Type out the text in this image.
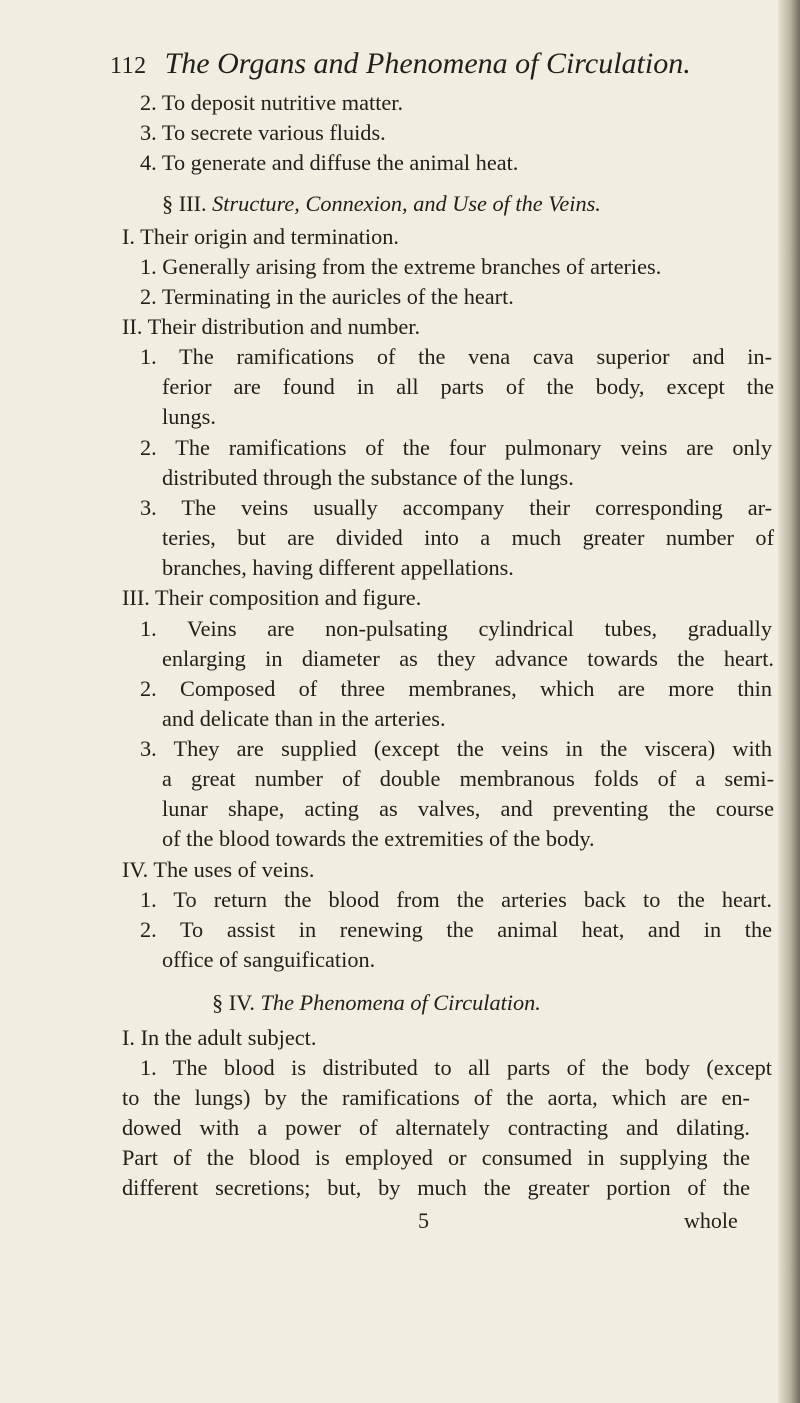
112 The Organs and Phenomena of Circulation.
2. To deposit nutritive matter.
3. To secrete various fluids.
4. To generate and diffuse the animal heat.
§ III. Structure, Connexion, and Use of the Veins.
I. Their origin and termination.
1. Generally arising from the extreme branches of arteries.
2. Terminating in the auricles of the heart.
II. Their distribution and number.
1. The ramifications of the vena cava superior and in-
ferior are found in all parts of the body, except the
lungs.
2. The ramifications of the four pulmonary veins are only
distributed through the substance of the lungs.
3. The veins usually accompany their corresponding ar-
teries, but are divided into a much greater number of
branches, having different appellations.
III. Their composition and figure.
1. Veins are non-pulsating cylindrical tubes, gradually
enlarging in diameter as they advance towards the heart.
2. Composed of three membranes, which are more thin
and delicate than in the arteries.
3. They are supplied (except the veins in the viscera) with
a great number of double membranous folds of a semi-
lunar shape, acting as valves, and preventing the course
of the blood towards the extremities of the body.
IV. The uses of veins.
1. To return the blood from the arteries back to the heart.
2. To assist in renewing the animal heat, and in the
office of sanguification.
§ IV. The Phenomena of Circulation.
I. In the adult subject.
1. The blood is distributed to all parts of the body (except
to the lungs) by the ramifications of the aorta, which are en-
dowed with a power of alternately contracting and dilating.
Part of the blood is employed or consumed in supplying the
different secretions; but, by much the greater portion of the
5	whole
